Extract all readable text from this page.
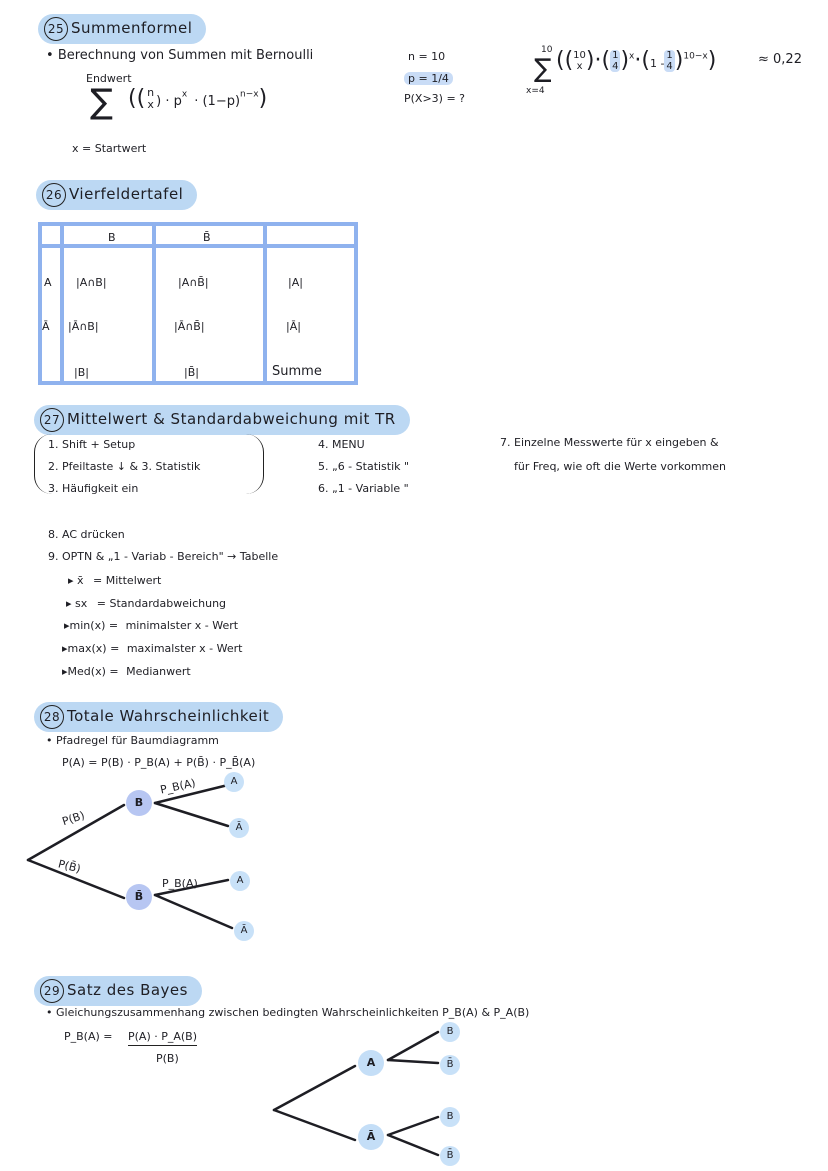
25 Summenformel
• Berechnung von Summen mit Bernoulli
Endwert
∑ (( n
x ) · $p^x \cdot (1-p)^{n-x}$)
x = Startwert
n = 10
p = 1/4
P(X>3) = ?
10
∑
x=4
((10
x )·( 1
4)$^x$·(1 -1
4)$^{10-x}$)	≈ 0,22
26 Vierfeldertafel
B	B̄
A |A∩B|	|A∩B̄|	|A|
Ā |Ā∩B|	|Ā∩B̄|	|Ā|
|B|	|B̄|	Summe
27 Mittelwert & Standardabweichung mit TR
1. Shift + Setup
2. Pfeiltaste ↓ & 3. Statistik
3. Häufigkeit ein
4. MENU
5. „6 - Statistik "
6. „1 - Variable "
7. Einzelne Messwerte für x eingeben &
für Freq, wie oft die Werte vorkommen
8. AC drücken
9. OPTN & „1 - Variab - Bereich" → Tabelle
▸ x̄ = Mittelwert
▸ sx = Standardabweichung
▸min(x) = minimalster x - Wert
▸max(x) = maximalster x - Wert
▸Med(x) = Medianwert
28 Totale Wahrscheinlichkeit
• Pfadregel für Baumdiagramm
P(A) = P(B) · P_B(A) + P(B̄) · P_B̄(A)
B
B̄
P(B)
P(B̄)
P_B(A)
P_B(A)
A
Ā
A
Ā
29 Satz des Bayes
• Gleichungszusammenhang zwischen bedingten Wahrscheinlichkeiten P_B(A) & P_A(B)
P_B(A) = P(A) · P_A(B)
P(B)	A
Ā
B
B̄
B
B̄
